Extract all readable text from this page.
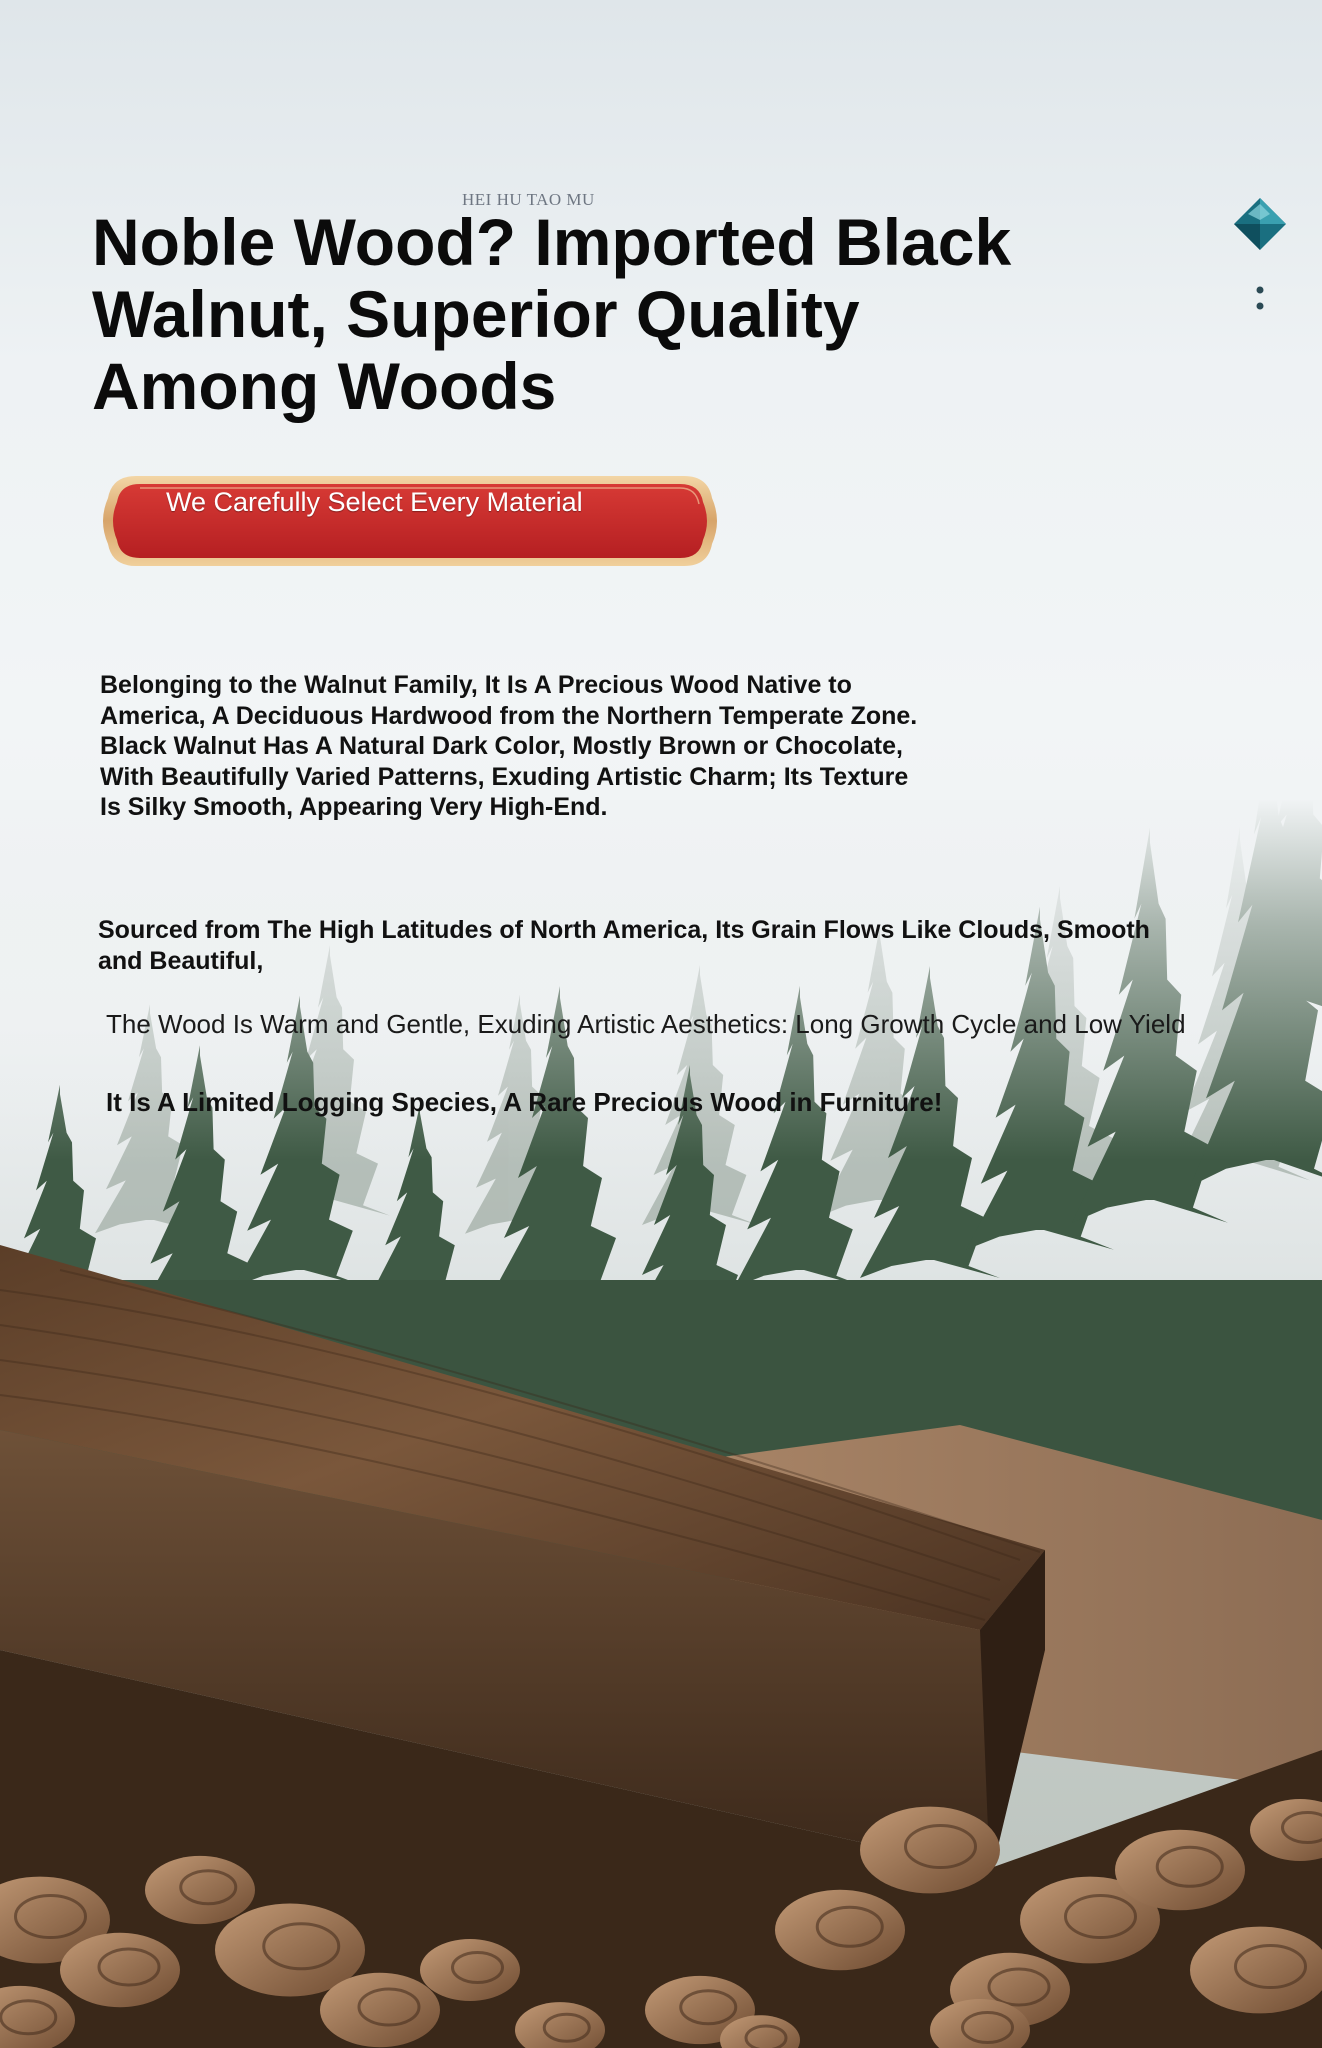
HEI HU TAO MU
Noble Wood? Imported Black Walnut, Superior Quality Among Woods
We Carefully Select Every Material

Belonging to the Walnut Family, It Is A Precious Wood Native to America, A Deciduous Hardwood from the Northern Temperate Zone. Black Walnut Has A Natural Dark Color, Mostly Brown or Chocolate, With Beautifully Varied Patterns, Exuding Artistic Charm; Its Texture Is Silky Smooth, Appearing Very High-End.

Sourced from The High Latitudes of North America, Its Grain Flows Like Clouds, Smooth and Beautiful,

The Wood Is Warm and Gentle, Exuding Artistic Aesthetics: Long Growth Cycle and Low Yield

It Is A Limited Logging Species, A Rare Precious Wood in Furniture!
